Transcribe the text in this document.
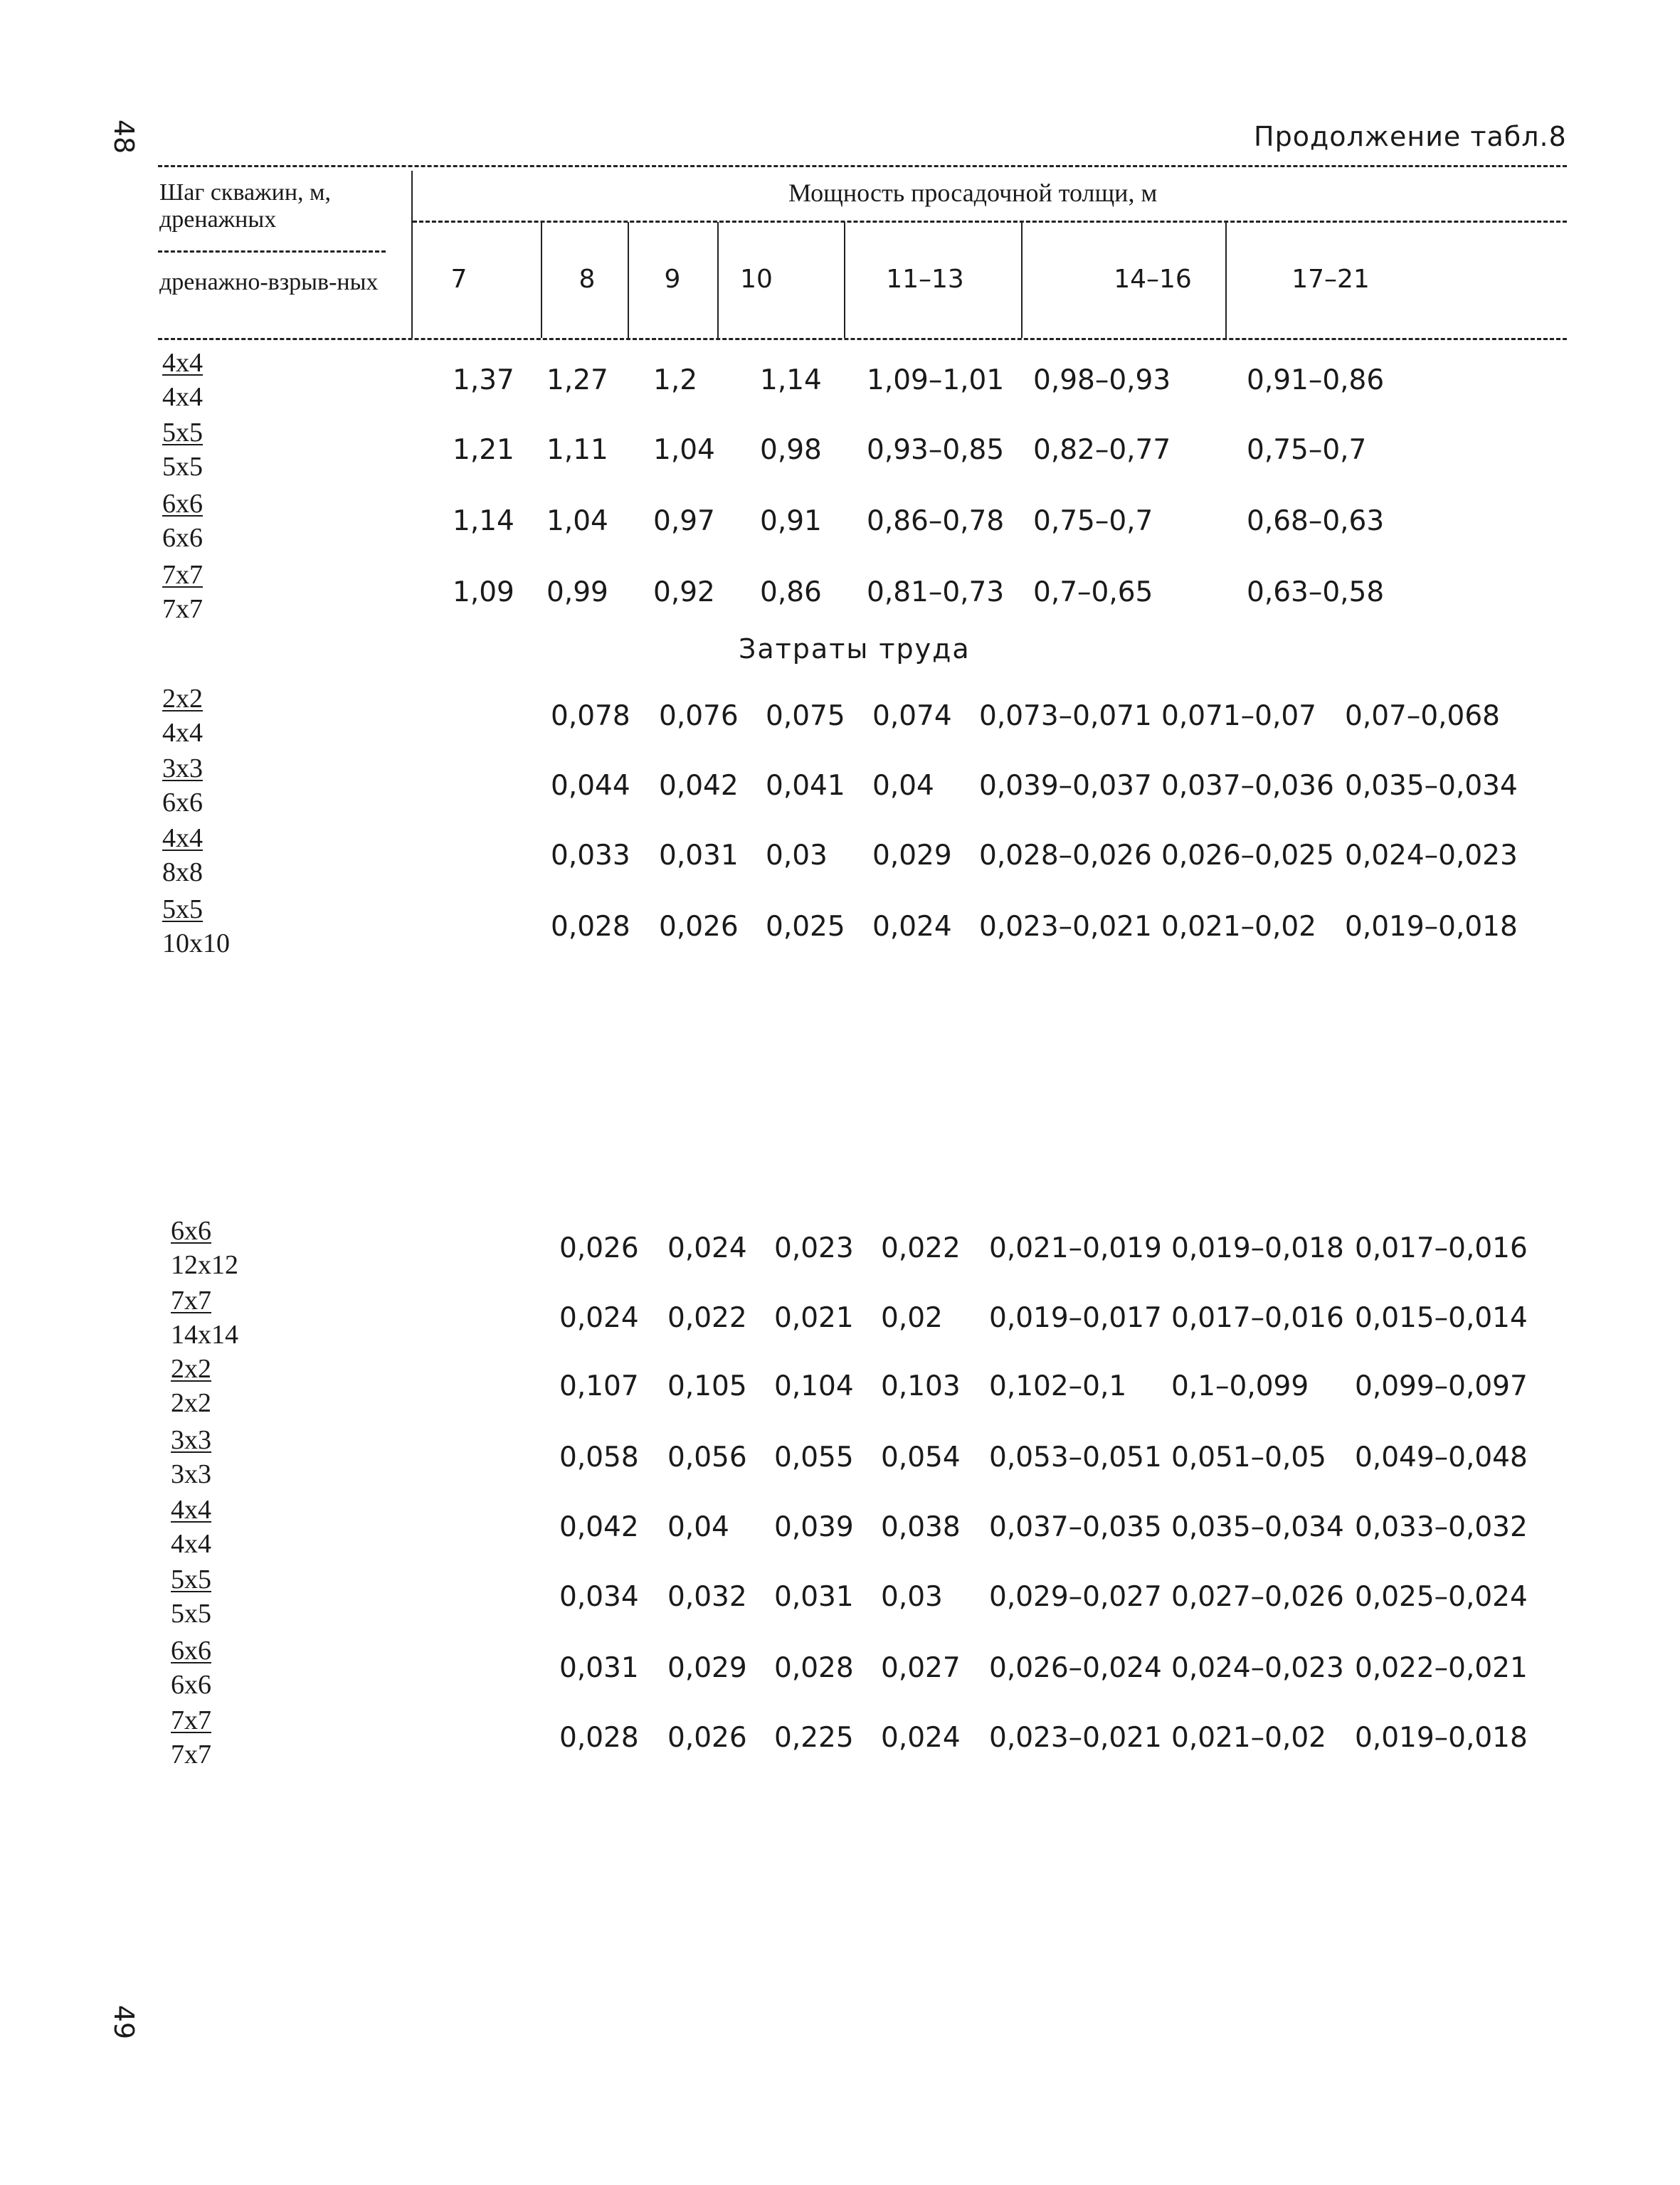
48
49
Продолжение табл.8
Шаг скважин, м, дренажных
дренажно-взрыв-ных
Мощность просадочной толщи, м
7	8	9	10	11–13	14–16	17–21
$\frac{4x4}{4x4}$	1,37 1,27 1,2 1,14 1,09–1,01 0,98–0,93	0,91–0,86
$\frac{5x5}{5x5}$	1,21 1,11 1,04 0,98 0,93–0,85 0,82–0,77	0,75–0,7
$\frac{6x6}{6x6}$	1,14 1,04 0,97 0,91 0,86–0,78 0,75–0,7	0,68–0,63
$\frac{7x7}{7x7}$	1,09 0,99 0,92 0,86 0,81–0,73 0,7–0,65	0,63–0,58
Затраты труда
$\frac{2x2}{4x4}$	0,078 0,076 0,075 0,074 0,073–0,071 0,071–0,07 0,07–0,068
$\frac{3x3}{6x6}$	0,044 0,042 0,041 0,04 0,039–0,037 0,037–0,036 0,035–0,034
$\frac{4x4}{8x8}$	0,033 0,031 0,03 0,029 0,028–0,026 0,026–0,025 0,024–0,023
$\frac{5x5}{10x10}$	0,028 0,026 0,025 0,024 0,023–0,021 0,021–0,02 0,019–0,018
$\frac{6x6}{12x12}$	0,026 0,024 0,023 0,022 0,021–0,019 0,019–0,018 0,017–0,016
$\frac{7x7}{14x14}$	0,024 0,022 0,021 0,02 0,019–0,017 0,017–0,016 0,015–0,014
$\frac{2x2}{2x2}$	0,107 0,105 0,104 0,103 0,102–0,1 0,1–0,099 0,099–0,097
$\frac{3x3}{3x3}$	0,058 0,056 0,055 0,054 0,053–0,051 0,051–0,05 0,049–0,048
$\frac{4x4}{4x4}$	0,042 0,04 0,039 0,038 0,037–0,035 0,035–0,034 0,033–0,032
$\frac{5x5}{5x5}$	0,034 0,032 0,031 0,03 0,029–0,027 0,027–0,026 0,025–0,024
$\frac{6x6}{6x6}$	0,031 0,029 0,028 0,027 0,026–0,024 0,024–0,023 0,022–0,021
$\frac{7x7}{7x7}$	0,028 0,026 0,225 0,024 0,023–0,021 0,021–0,02 0,019–0,018
